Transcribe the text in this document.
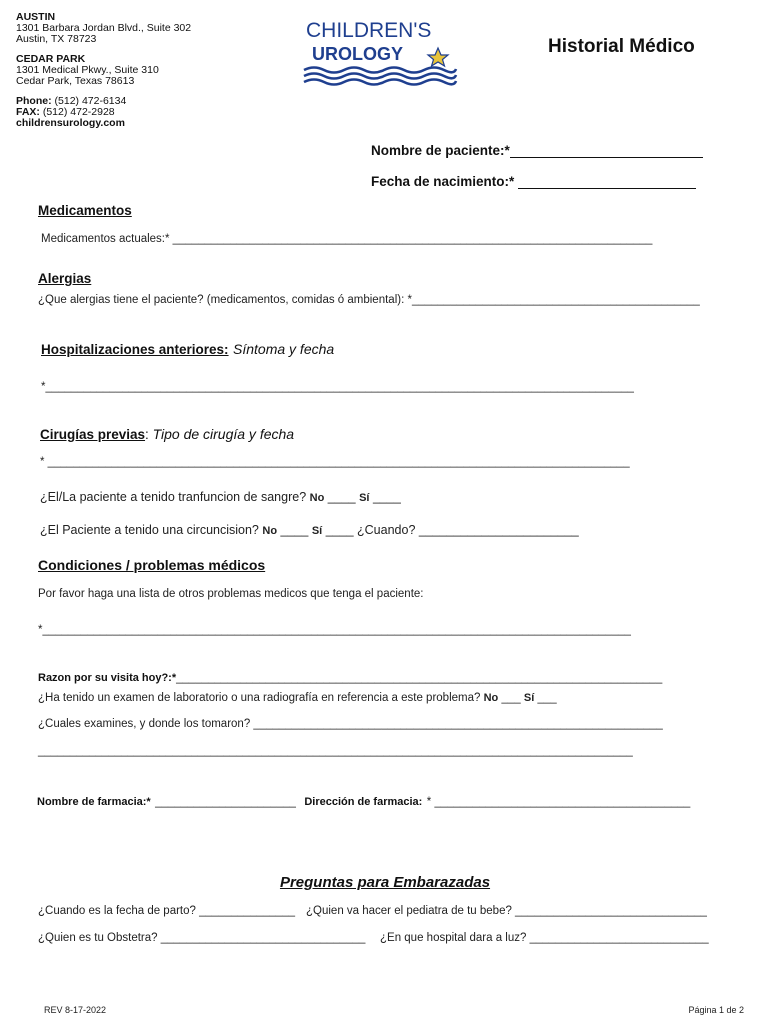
AUSTIN
1301 Barbara Jordan Blvd., Suite 302
Austin, TX 78723
CEDAR PARK
1301 Medical Pkwy., Suite 310
Cedar Park, Texas 78613
Phone: (512) 472-6134
FAX: (512) 472-2928
childrensurology.com
CHILDREN'S
UROLOGY	Historial Médico
Nombre de paciente:*
Fecha de nacimiento:*
Medicamentos
Medicamentos actuales:* ___________________________________________________________________________
Alergias
¿Que alergias tiene el paciente? (medicamentos, comidas ó ambiental): *_____________________________________________
Hospitalizaciones anteriores: Síntoma y fecha
*____________________________________________________________________________________________
Cirugías previas: Tipo de cirugía y fecha
* ___________________________________________________________________________________________
¿El/La paciente a tenido tranfuncion de sangre? No ____ Sí ____
¿El Paciente a tenido una circuncision? No ____ Sí ____ ¿Cuando? _______________________
Condiciones / problemas médicos
Por favor haga una lista de otros problemas medicos que tenga el paciente:
*____________________________________________________________________________________________
Razon por su visita hoy?:*____________________________________________________________________________
¿Ha tenido un examen de laboratorio o una radiografía en referencia a este problema? No ___ Sí ___
¿Cuales examines, y donde los tomaron? ________________________________________________________________
_____________________________________________________________________________________________
Nombre de farmacia:* ______________________ Dirección de farmacia: * ________________________________________
Preguntas para Embarazadas
¿Cuando es la fecha de parto? _______________ ¿Quien va hacer el pediatra de tu bebe? ______________________________
¿Quien es tu Obstetra? ________________________________ ¿En que hospital dara a luz? ____________________________
REV 8-17-2022	Página 1 de 2
